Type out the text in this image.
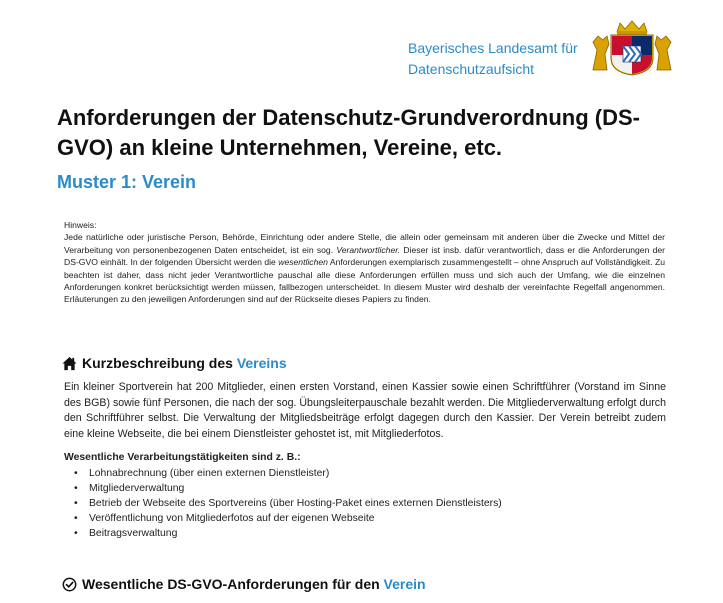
Bayerisches Landesamt für
Datenschutzaufsicht
Anforderungen der Datenschutz-Grundverordnung (DS-GVO) an kleine Unternehmen, Vereine, etc.
Muster 1: Verein
Hinweis:

Jede natürliche oder juristische Person, Behörde, Einrichtung oder andere Stelle, die allein oder gemeinsam mit anderen über die Zwecke und Mittel der Verarbeitung von personenbezogenen Daten entscheidet, ist ein sog. Verantwortlicher. Dieser ist insb. dafür verantwortlich, dass er die Anforderungen der DS-GVO einhält. In der folgenden Übersicht werden die wesentlichen Anforderungen exemplarisch zusammengestellt – ohne Anspruch auf Vollständigkeit. Zu beachten ist daher, dass nicht jeder Verantwortliche pauschal alle diese Anforderungen erfüllen muss und sich auch der Umfang, wie die einzelnen Anforderungen konkret berücksichtigt werden müssen, fallbezogen unterscheidet. In diesem Muster wird deshalb der vereinfachte Regelfall angenommen. Erläuterungen zu den jeweiligen Anforderungen sind auf der Rückseite dieses Papiers zu finden.

Kurzbeschreibung des Vereins

Ein kleiner Sportverein hat 200 Mitglieder, einen ersten Vorstand, einen Kassier sowie einen Schriftführer (Vorstand im Sinne des BGB) sowie fünf Personen, die nach der sog. Übungsleiterpauschale bezahlt werden. Die Mitgliederverwaltung erfolgt durch den Schriftführer selbst. Die Verwaltung der Mitgliedsbeiträge erfolgt dagegen durch den Kassier. Der Verein betreibt zudem eine kleine Webseite, die bei einem Dienstleister gehostet ist, mit Mitgliederfotos.

Wesentliche Verarbeitungstätigkeiten sind z. B.:
• Lohnabrechnung (über einen externen Dienstleister)
• Mitgliederverwaltung
• Betrieb der Webseite des Sportvereins (über Hosting-Paket eines externen Dienstleisters)
• Veröffentlichung von Mitgliederfotos auf der eigenen Webseite
• Beitragsverwaltung
Wesentliche DS-GVO-Anforderungen für den Verein
